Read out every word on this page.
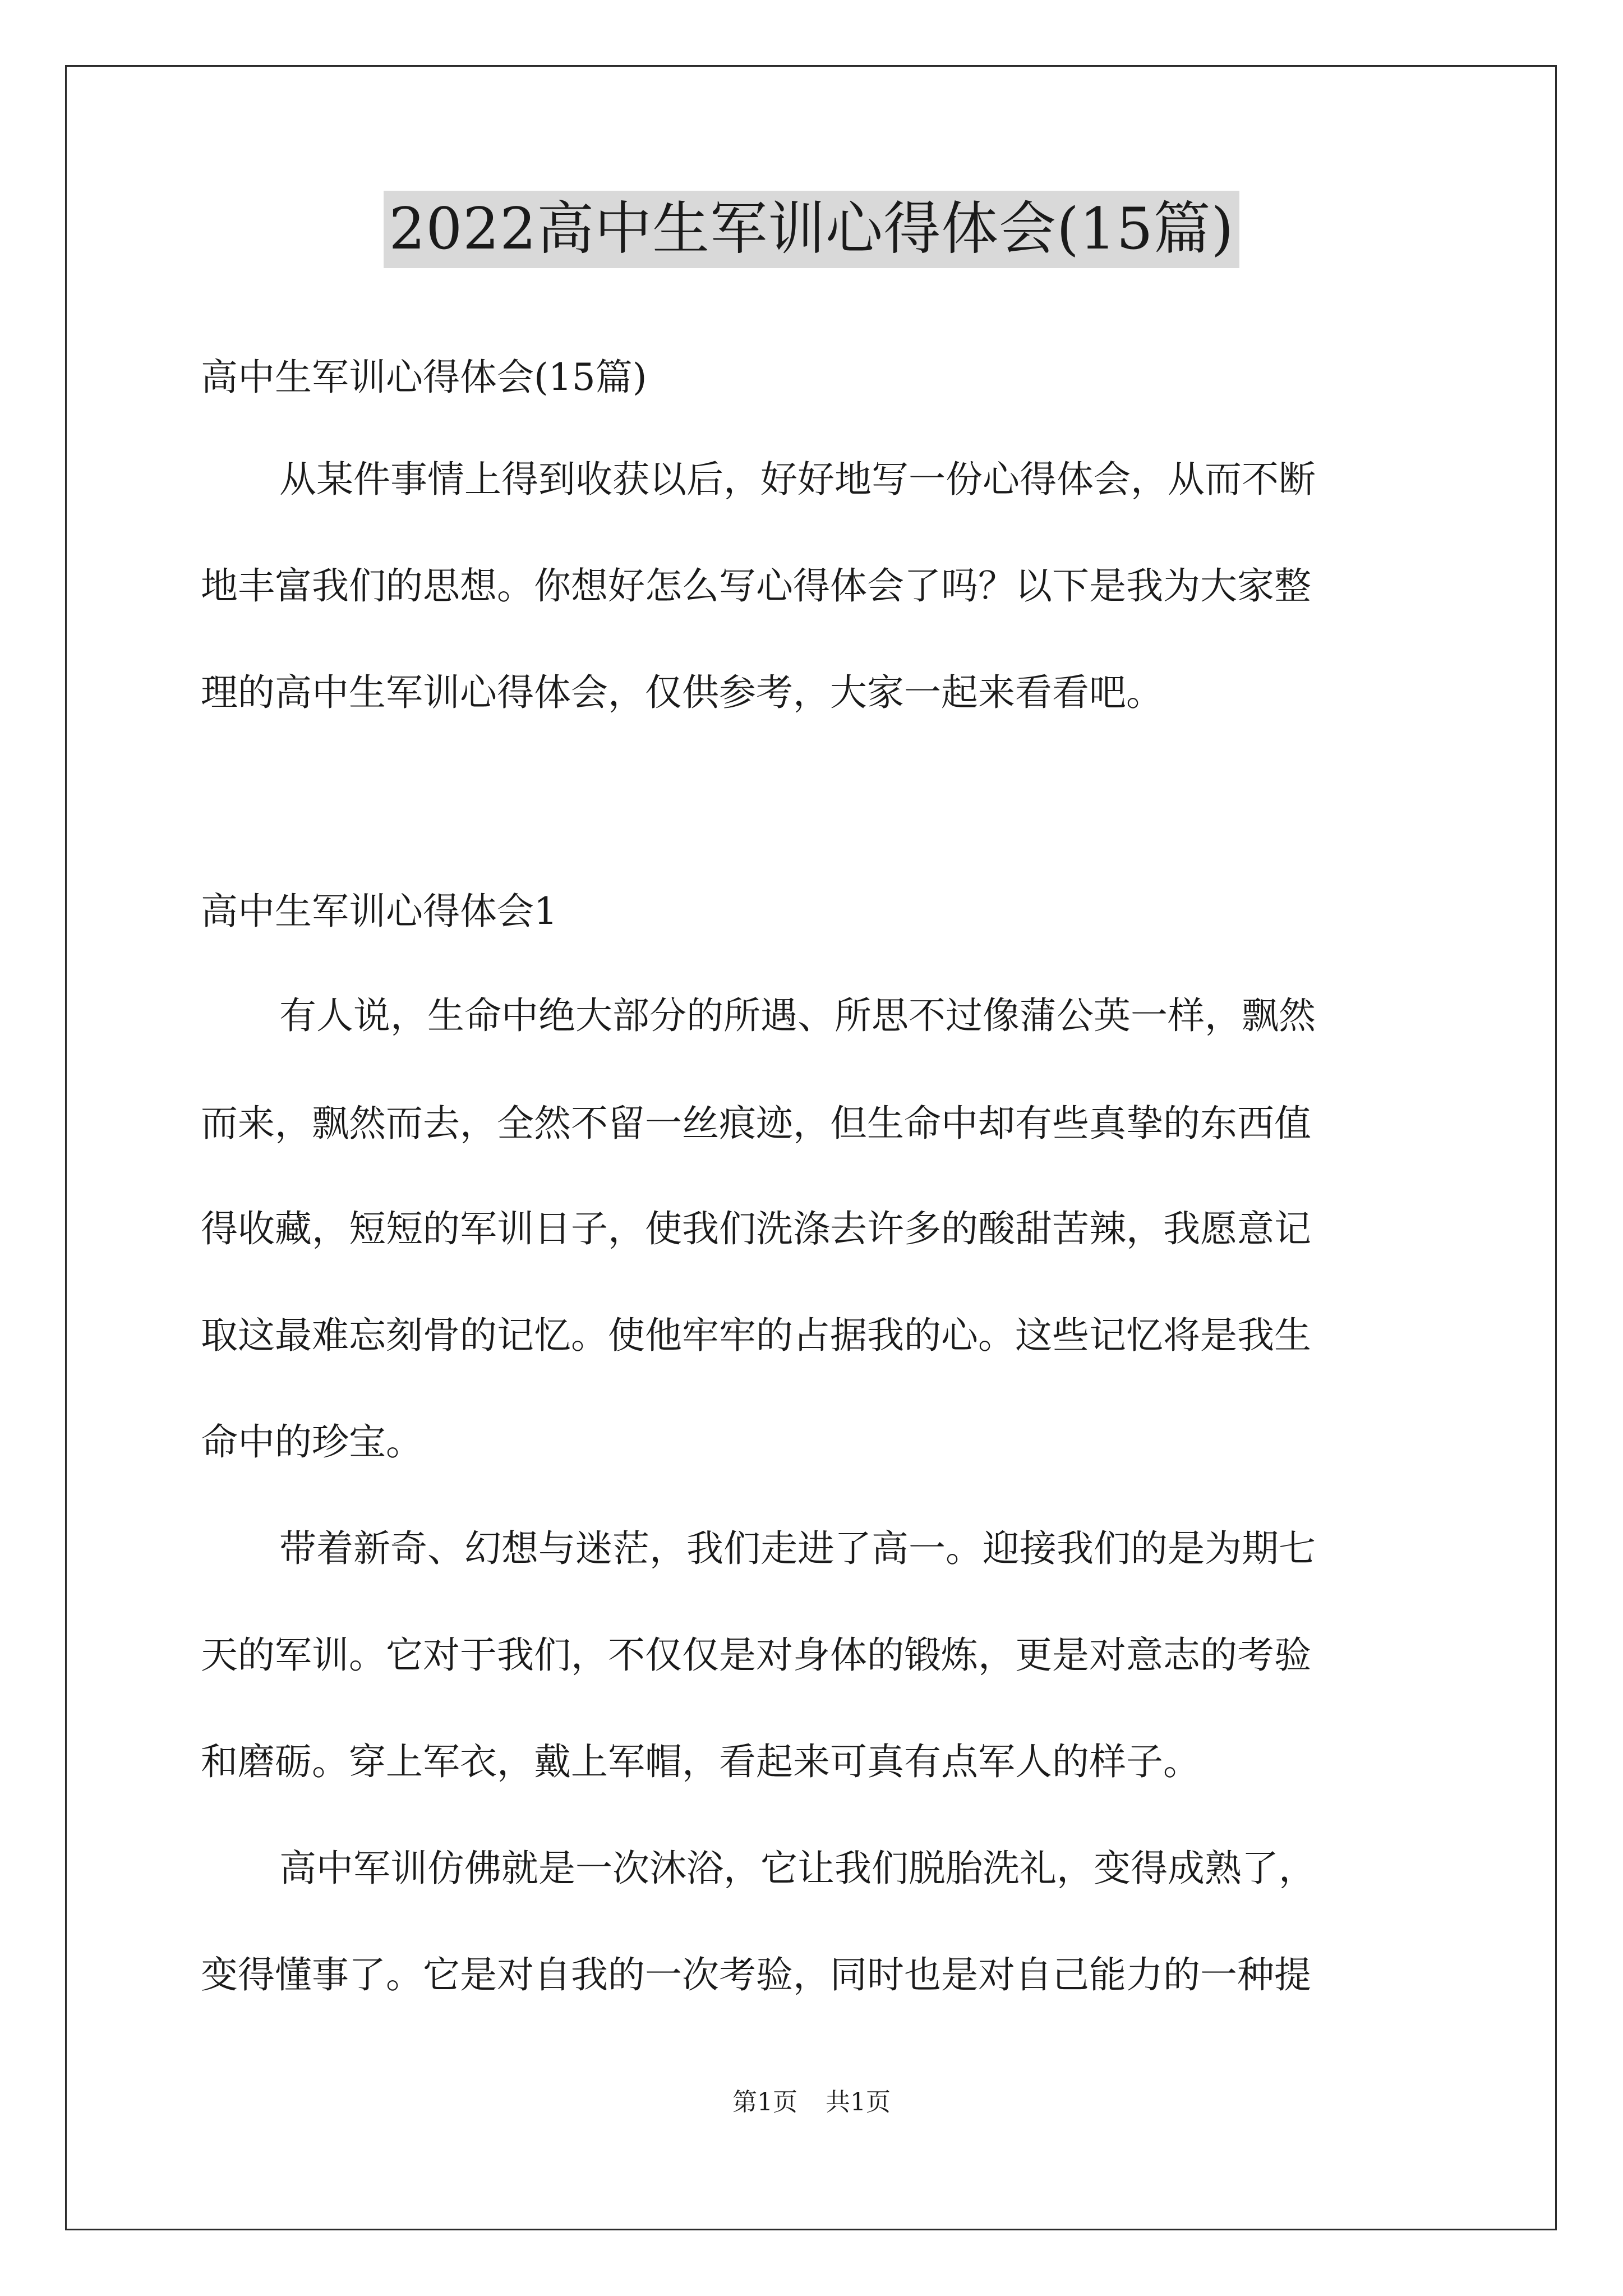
2022高中生军训心得体会(15篇)
高中生军训心得体会(15篇)
从某件事情上得到收获以后，好好地写一份心得体会，从而不断
地丰富我们的思想。你想好怎么写心得体会了吗？以下是我为大家整
理的高中生军训心得体会，仅供参考，大家一起来看看吧。
高中生军训心得体会1
有人说，生命中绝大部分的所遇、所思不过像蒲公英一样，飘然
而来，飘然而去，全然不留一丝痕迹，但生命中却有些真挚的东西值
得收藏，短短的军训日子，使我们洗涤去许多的酸甜苦辣，我愿意记
取这最难忘刻骨的记忆。使他牢牢的占据我的心。这些记忆将是我生
命中的珍宝。
带着新奇、幻想与迷茫，我们走进了高一。迎接我们的是为期七
天的军训。它对于我们，不仅仅是对身体的锻炼，更是对意志的考验
和磨砺。穿上军衣，戴上军帽，看起来可真有点军人的样子。
高中军训仿佛就是一次沐浴，它让我们脱胎洗礼，变得成熟了，
变得懂事了。它是对自我的一次考验，同时也是对自己能力的一种提
第1页 共1页
